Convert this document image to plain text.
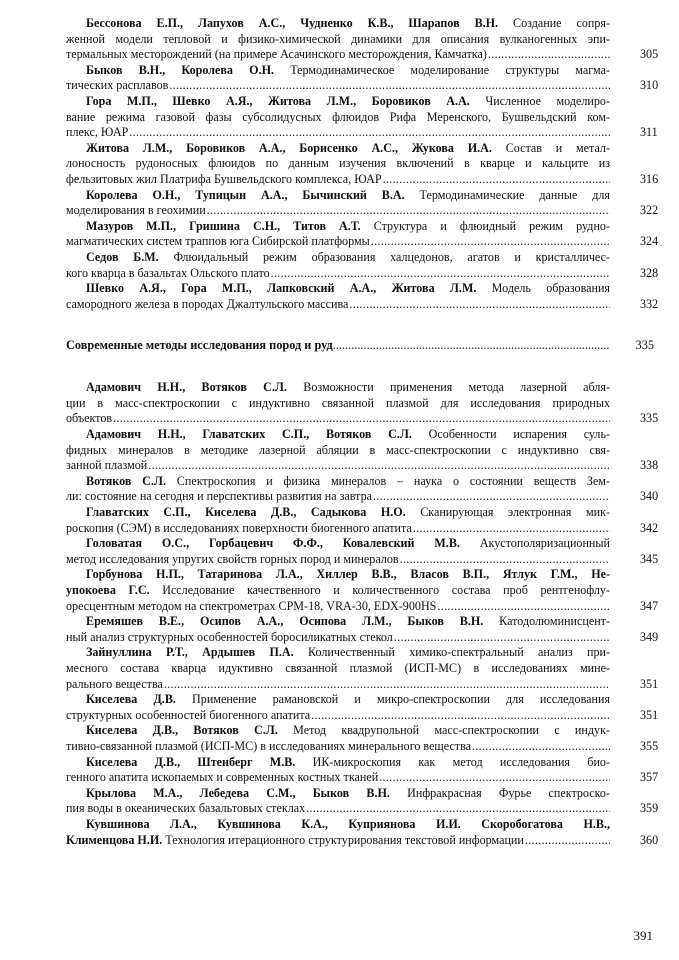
Бессонова Е.П., Лапухов А.С., Чудненко К.В., Шарапов В.Н. Создание сопря-
женной модели тепловой и физико-химической динамики для описания вулканогенных эпи-
термальных месторождений (на примере Асачинского месторождения, Камчатка) .....	305
Быков В.Н., Королева О.Н. Термодинамическое моделирование структуры магма-
тических расплавов .....	310
Гора М.П., Шевко А.Я., Житова Л.М., Боровиков А.А. Численное моделиро-
вание режима газовой фазы субсолидусных флюидов Рифа Меренского, Бушвельдский ком-
плекс, ЮАР .....	311
Житова Л.М., Боровиков А.А., Борисенко А.С., Жукова И.А. Состав и метал-
лоносность рудоносных флюидов по данным изучения включений в кварце и кальците из
фельзитовых жил Платрифа Бушвельдского комплекса, ЮАР .....	316
Королева О.Н., Тупицын А.А., Бычинский В.А. Термодинамические данные для
моделирования в геохимии .....	322
Мазуров М.П., Гришина С.Н., Титов А.Т. Структура и флюидный режим рудно-
магматических систем траппов юга Сибирской платформы .....	324
Седов Б.М. Флюидальный режим образования халцедонов, агатов и кристалличес-
кого кварца в базальтах Ольского плато .....	328
Шевко А.Я., Гора М.П., Лапковский А.А., Житова Л.М. Модель образования
самородного железа в породах Джалтульского массива .....	332
Современные методы исследования пород и руд .....	335
Адамович Н.Н., Вотяков С.Л. Возможности применения метода лазерной абля-
ции в масс-спектроскопии с индуктивно связанной плазмой для исследования природных
объектов .....	335
Адамович Н.Н., Главатских С.П., Вотяков С.Л. Особенности испарения суль-
фидных минералов в методике лазерной абляции в масс-спектроскопии с индуктивно свя-
занной плазмой .....	338
Вотяков С.Л. Спектроскопия и физика минералов – наука о состоянии веществ Зем-
ли: состояние на сегодня и перспективы развития на завтра .....	340
Главатских С.П., Киселева Д.В., Садыкова Н.О. Сканирующая электронная мик-
роскопия (СЭМ) в исследованиях поверхности биогенного апатита .....	342
Головатая О.С., Горбацевич Ф.Ф., Ковалевский М.В. Акустополяризационный
метод исследования упругих свойств горных пород и минералов .....	345
Горбунова Н.П., Татаринова Л.А., Хиллер В.В., Власов В.П., Ятлук Г.М., Не-
упокоева Г.С. Исследование качественного и количественного состава проб рентгенофлу-
оресцентным методом на спектрометрах СРМ-18, VRA-30, EDX-900HS .....	347
Еремяшев В.Е., Осипов А.А., Осипова Л.М., Быков В.Н. Катодолюминисцент-
ный анализ структурных особенностей боросиликатных стекол .....	349
Зайнуллина Р.Т., Ардышев П.А. Количественный химико-спектральный анализ при-
месного состава кварца идуктивно связанной плазмой (ИСП-МС) в исследованиях мине-
рального вещества .....	351
Киселева Д.В. Применение рамановской и микро-спектроскопии для исследования
структурных особенностей биогенного апатита .....	351
Киселева Д.В., Вотяков С.Л. Метод квадрупольной масс-спектроскопии с индук-
тивно-связанной плазмой (ИСП-МС) в исследованиях минерального вещества .....	355
Киселева Д.В., Штенберг М.В. ИК-микроскопия как метод исследования био-
генного апатита ископаемых и современных костных тканей .....	357
Крылова М.А., Лебедева С.М., Быков В.Н. Инфракрасная Фурье спектроско-
пия воды в океанических базальтовых стеклах .....	359
Кувшинова Л.А., Кувшинова К.А., Куприянова И.И. Скоробогатова Н.В.,
Клименцова Н.И. Технология итерационного структурирования текстовой информации .....	360
391
